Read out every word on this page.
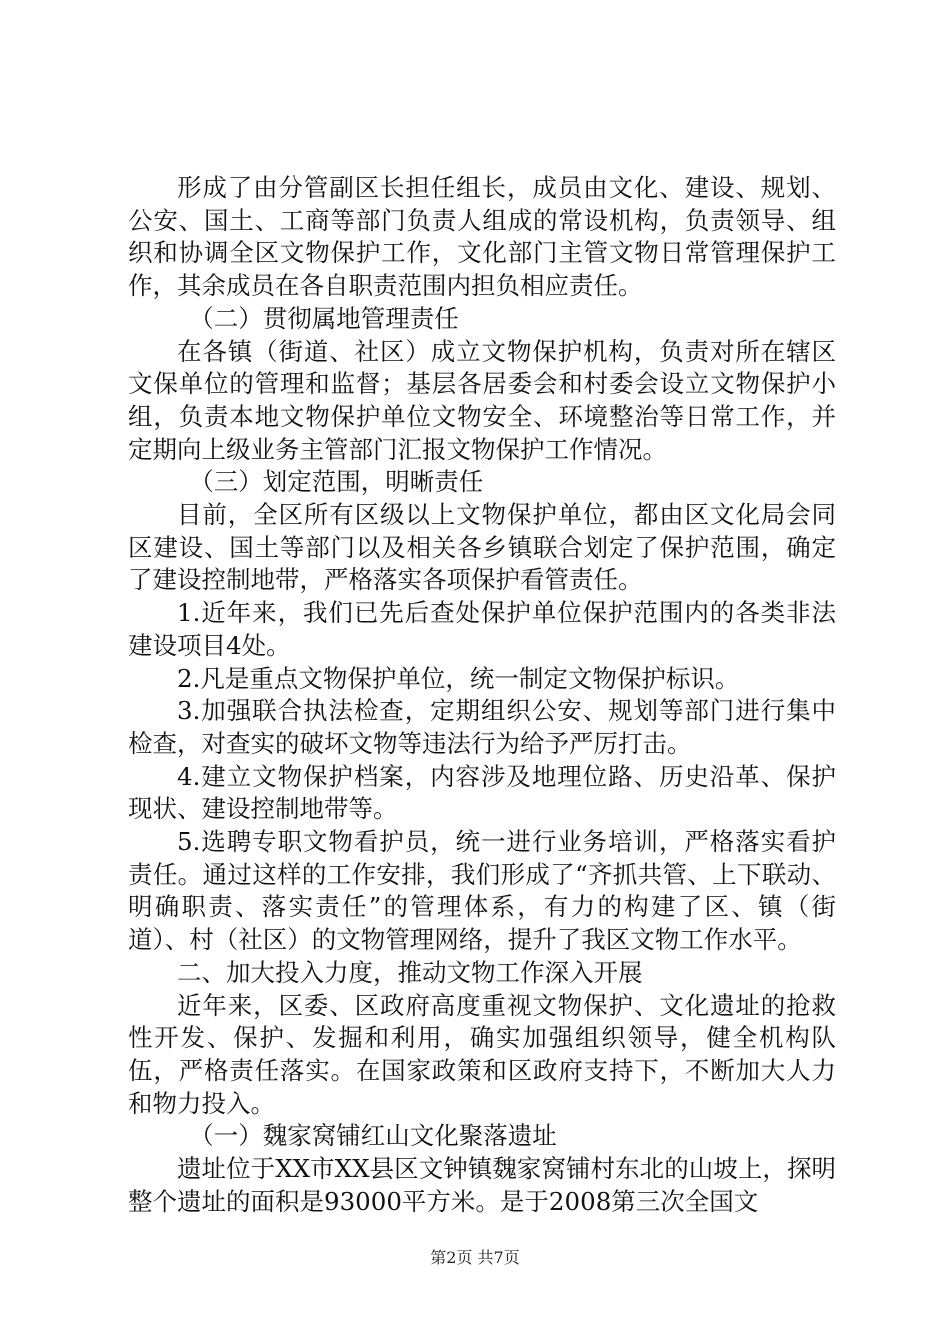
形成了由分管副区长担任组长，成员由文化、建设、规划、公安、国土、工商等部门负责人组成的常设机构，负责领导、组织和协调全区文物保护工作，文化部门主管文物日常管理保护工作，其余成员在各自职责范围内担负相应责任。

（二）贯彻属地管理责任

在各镇（街道、社区）成立文物保护机构，负责对所在辖区文保单位的管理和监督；基层各居委会和村委会设立文物保护小组，负责本地文物保护单位文物安全、环境整治等日常工作，并定期向上级业务主管部门汇报文物保护工作情况。

（三）划定范围，明晰责任

目前，全区所有区级以上文物保护单位，都由区文化局会同区建设、国土等部门以及相关各乡镇联合划定了保护范围，确定了建设控制地带，严格落实各项保护看管责任。

1.近年来，我们已先后查处保护单位保护范围内的各类非法建设项目4处。

2.凡是重点文物保护单位，统一制定文物保护标识。

3.加强联合执法检查，定期组织公安、规划等部门进行集中检查，对查实的破坏文物等违法行为给予严厉打击。

4.建立文物保护档案，内容涉及地理位路、历史沿革、保护现状、建设控制地带等。

5.选聘专职文物看护员，统一进行业务培训，严格落实看护责任。通过这样的工作安排，我们形成了“齐抓共管、上下联动、明确职责、落实责任”的管理体系，有力的构建了区、镇（街道）、村（社区）的文物管理网络，提升了我区文物工作水平。

二、加大投入力度，推动文物工作深入开展

近年来，区委、区政府高度重视文物保护、文化遗址的抢救性开发、保护、发掘和利用，确实加强组织领导，健全机构队伍，严格责任落实。在国家政策和区政府支持下，不断加大人力和物力投入。

（一）魏家窝铺红山文化聚落遗址

遗址位于XX市XX县区文钟镇魏家窝铺村东北的山坡上，探明整个遗址的面积是93000平方米。是于2008第三次全国文

第2页 共7页
